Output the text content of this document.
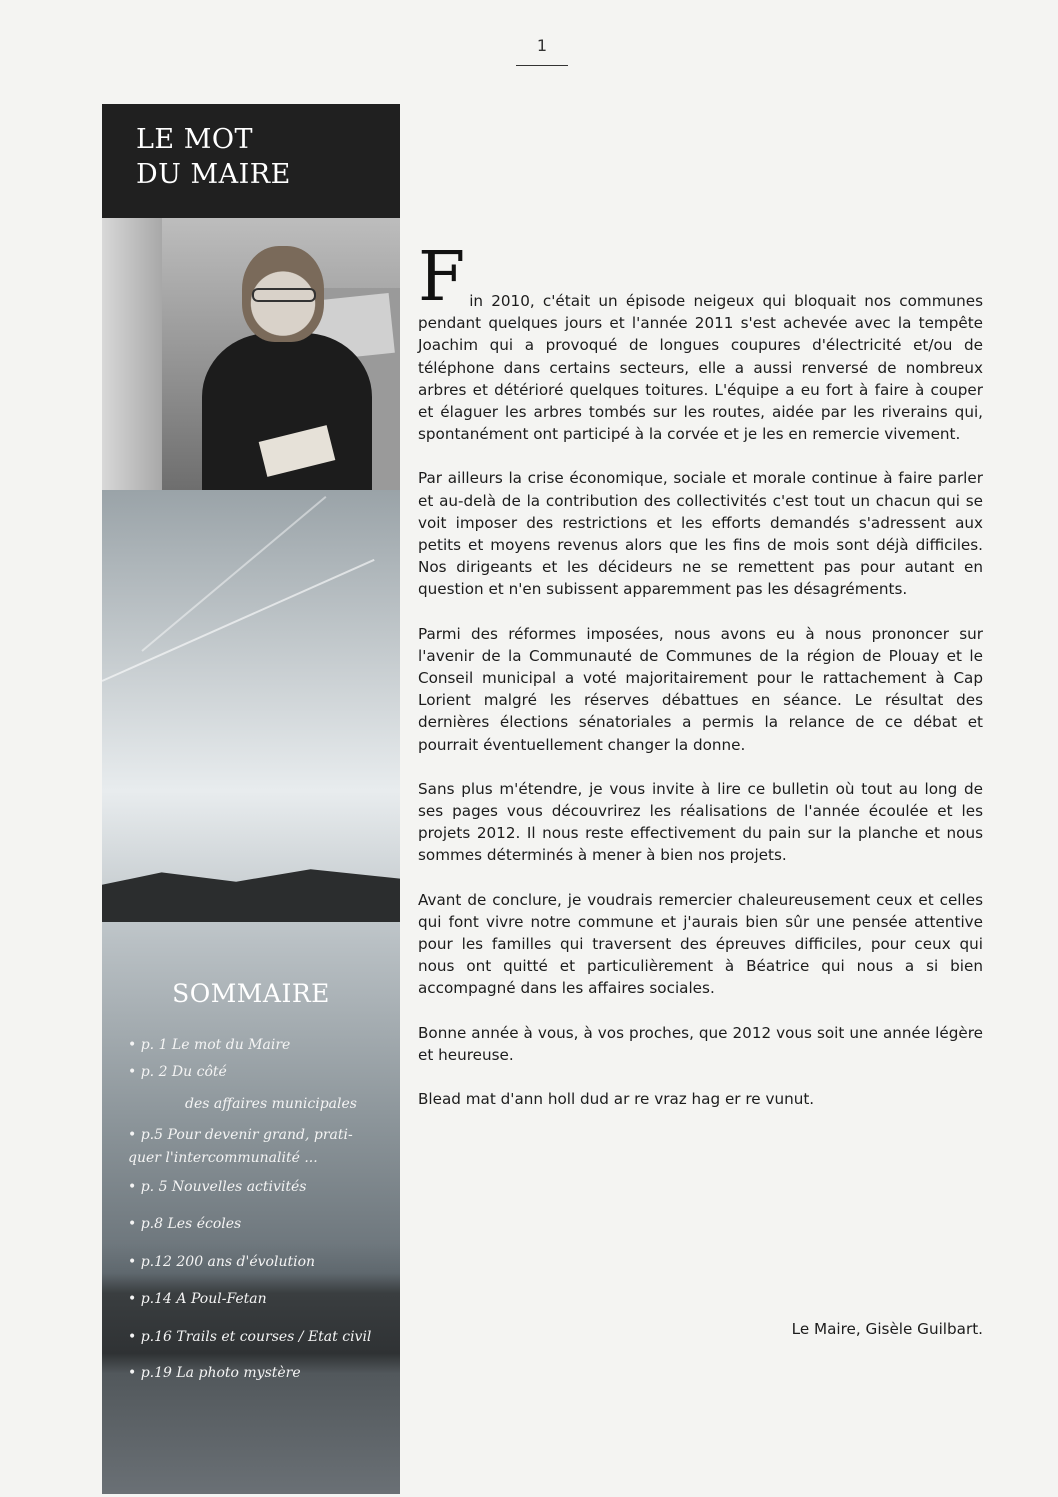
1
LE MOT
DU MAIRE
SOMMAIRE
• p. 1 Le mot du Maire
• p. 2 Du côté
des affaires municipales
• p.5 Pour devenir grand, prati-
quer l'intercommunalité ...
• p. 5 Nouvelles activités
• p.8 Les écoles
• p.12 200 ans d'évolution
• p.14 A Poul-Fetan
• p.16 Trails et courses / Etat civil
• p.19 La photo mystère

Fin 2010, c'était un épisode neigeux qui bloquait nos communes pendant quelques jours et l'année 2011 s'est achevée avec la tempête Joachim qui a provoqué de longues coupures d'électricité et/ou de téléphone dans certains secteurs, elle a aussi renversé de nombreux arbres et détérioré quelques toitures. L'équipe a eu fort à faire à couper et élaguer les arbres tombés sur les routes, aidée par les riverains qui, spontanément ont participé à la corvée et je les en remercie vivement.

Par ailleurs la crise économique, sociale et morale continue à faire parler et au-delà de la contribution des collectivités c'est tout un chacun qui se voit imposer des restrictions et les efforts demandés s'adressent aux petits et moyens revenus alors que les fins de mois sont déjà difficiles. Nos dirigeants et les décideurs ne se remettent pas pour autant en question et n'en subissent apparemment pas les désagréments.

Parmi des réformes imposées, nous avons eu à nous prononcer sur l'avenir de la Communauté de Communes de la région de Plouay et le Conseil municipal a voté majoritairement pour le rattachement à Cap Lorient malgré les réserves débattues en séance. Le résultat des dernières élections sénatoriales a permis la relance de ce débat et pourrait éventuellement changer la donne.

Sans plus m'étendre, je vous invite à lire ce bulletin où tout au long de ses pages vous découvrirez les réalisations de l'année écoulée et les projets 2012. Il nous reste effectivement du pain sur la planche et nous sommes déterminés à mener à bien nos projets.

Avant de conclure, je voudrais remercier chaleureusement ceux et celles qui font vivre notre commune et j'aurais bien sûr une pensée attentive pour les familles qui traversent des épreuves difficiles, pour ceux qui nous ont quitté et particulièrement à Béatrice qui nous a si bien accompagné dans les affaires sociales.

Bonne année à vous, à vos proches, que 2012 vous soit une année légère et heureuse.

Blead mat d'ann holl dud ar re vraz hag er re vunut.

Le Maire, Gisèle Guilbart.
